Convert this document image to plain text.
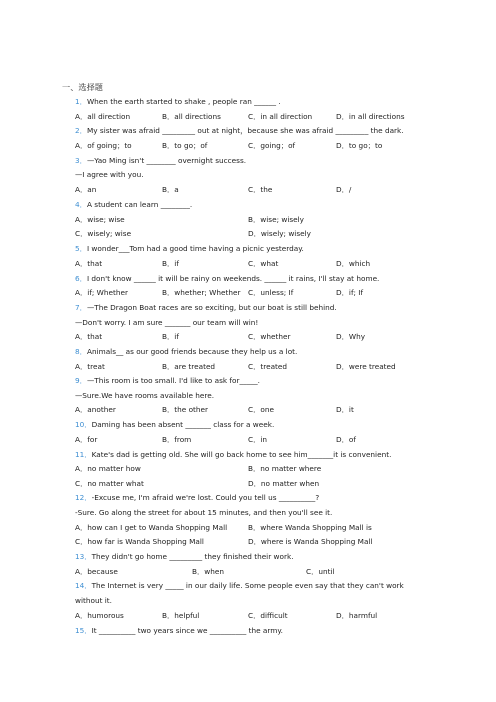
一、选择题
1．When the earth started to shake , people ran ______ .
A．all direction	B．all directions	C．in all direction	D．in all directions
2．My sister was afraid _________ out at night，because she was afraid _________ the dark.
A．of going；to	B．to go；of	C．going；of	D．to go；to
3．—Yao Ming isn't ________ overnight success.
—I agree with you.
A．an	B．a	C．the	D．/
4．A student can learn ________.
A．wise; wise	B．wise; wisely
C．wisely; wise	D．wisely; wisely
5．I wonder___Tom had a good time having a picnic yesterday.
A．that	B．if	C．what	D．which
6．I don't know ______ it will be rainy on weekends. ______ it rains, I'll stay at home.
A．if; Whether	B．whether; Whether C．unless; If	D．if; If
7．—The Dragon Boat races are so exciting, but our boat is still behind.
—Don't worry. I am sure _______ our team will win!
A．that	B．if	C．whether	D．Why
8．Animals__ as our good friends because they help us a lot.
A．treat	B．are treated	C．treated	D．were treated
9．—This room is too small. I'd like to ask for_____.
—Sure.We have rooms available here.
A．another	B．the other	C．one	D．it
10．Daming has been absent _______ class for a week.
A．for	B．from	C．in	D．of
11．Kate's dad is getting old. She will go back home to see him_______it is convenient.
A．no matter how	B．no matter where
C．no matter what	D．no matter when
12．-Excuse me, I'm afraid we're lost. Could you tell us __________?
-Sure. Go along the street for about 15 minutes, and then you'll see it.
A．how can I get to Wanda Shopping Mall	B．where Wanda Shopping Mall is
C．how far is Wanda Shopping Mall	D．where is Wanda Shopping Mall
13．They didn't go home _________ they finished their work.
A．because	B．when	C．until
14．The Internet is very _____ in our daily life. Some people even say that they can't work
without it.
A．humorous	B．helpful	C．difficult	D．harmful
15．It __________ two years since we __________ the army.
